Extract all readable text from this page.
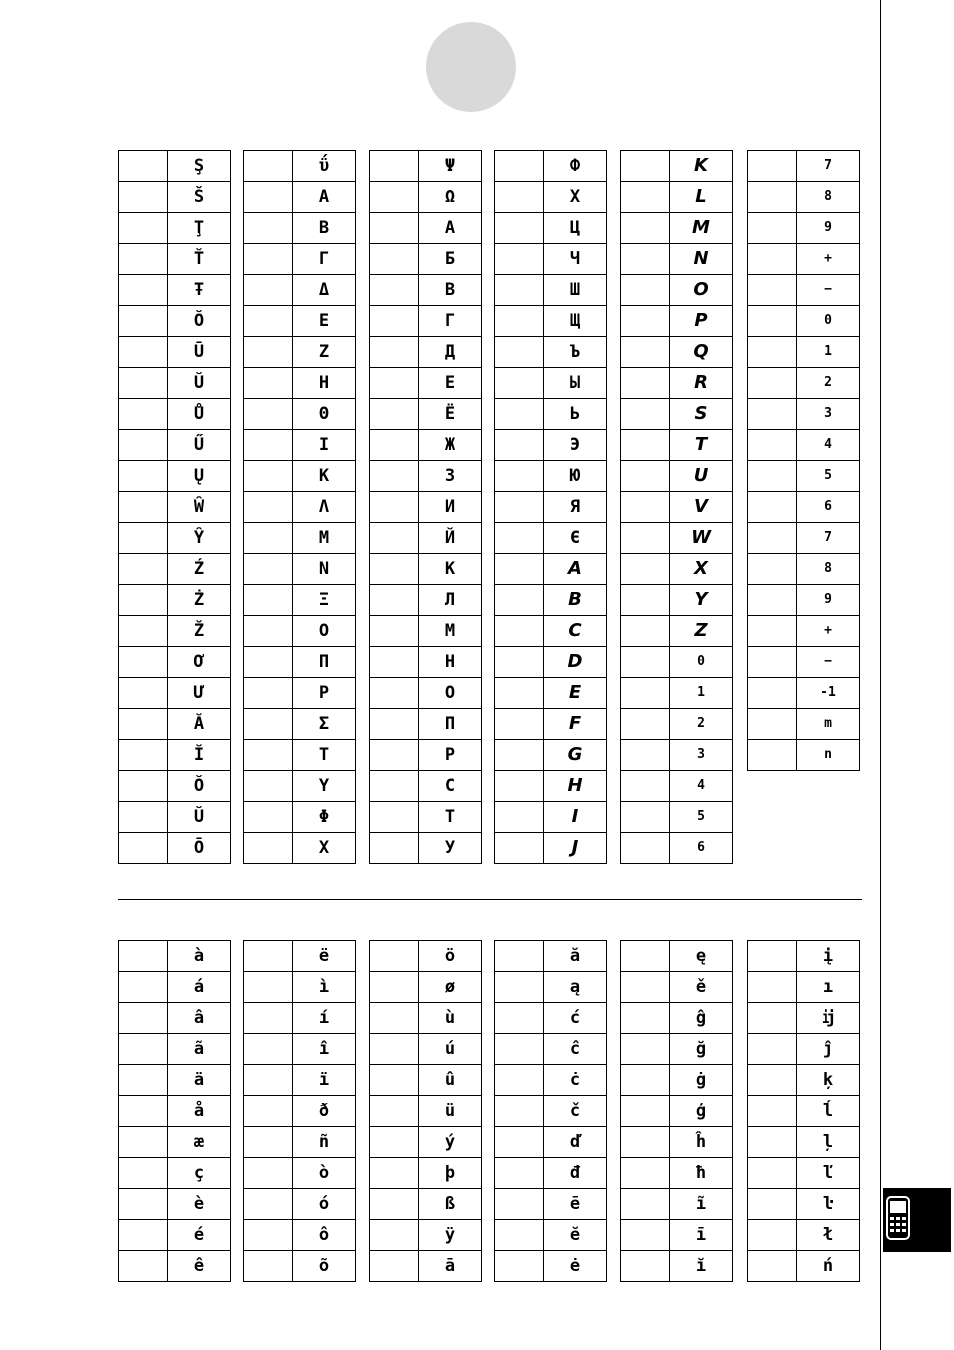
	Ş
	Š
	Ţ
	Ť
	Ŧ
	Ŏ
	Ū
	Ŭ
	Ů
	Ű
	Ų
	Ŵ
	Ŷ
	Ź
	Ż
	Ž
	Ơ
	Ư
	Ă
	Ĭ
	Ŏ
	Ŭ
	Ō
	ΰ
	Α
	Β
	Γ
	Δ
	Ε
	Ζ
	Η
	Θ
	Ι
	Κ
	Λ
	Μ
	Ν
	Ξ
	Ο
	Π
	Ρ
	Σ
	Τ
	Υ
	Φ
	Χ
	Ψ
	Ω
	А
	Б
	В
	Г
	Д
	Е
	Ё
	Ж
	З
	И
	Й
	К
	Л
	М
	Н
	О
	П
	Р
	С
	Т
	У
	Ф
	Х
	Ц
	Ч
	Ш
	Щ
	Ъ
	Ы
	Ь
	Э
	Ю
	Я
	Є
	A
	B
	C
	D
	E
	F
	G
	H
	I
	J
	K
	L
	M
	N
	O
	P
	Q
	R
	S
	T
	U
	V
	W
	X
	Y
	Z
	0
	1
	2
	3
	4
	5
	6
	7
	8
	9
	+
	−
	0
	1
	2
	3
	4
	5
	6
	7
	8
	9
	+
	−
	-1
	m
	n
	à
	á
	â
	ã
	ä
	å
	æ
	ç
	è
	é
	ê
	ë
	ì
	í
	î
	ï
	ð
	ñ
	ò
	ó
	ô
	õ
	ö
	ø
	ù
	ú
	û
	ü
	ý
	þ
	ß
	ÿ
	ā
	ă
	ą
	ć
	ĉ
	ċ
	č
	ď
	đ
	ē
	ĕ
	ė
	ę
	ě
	ĝ
	ğ
	ġ
	ģ
	ĥ
	ħ
	ĩ
	ī
	ĭ
	į
	ı
	ĳ
	ĵ
	ķ
	ĺ
	ļ
	ľ
	ŀ
	ł
	ń
